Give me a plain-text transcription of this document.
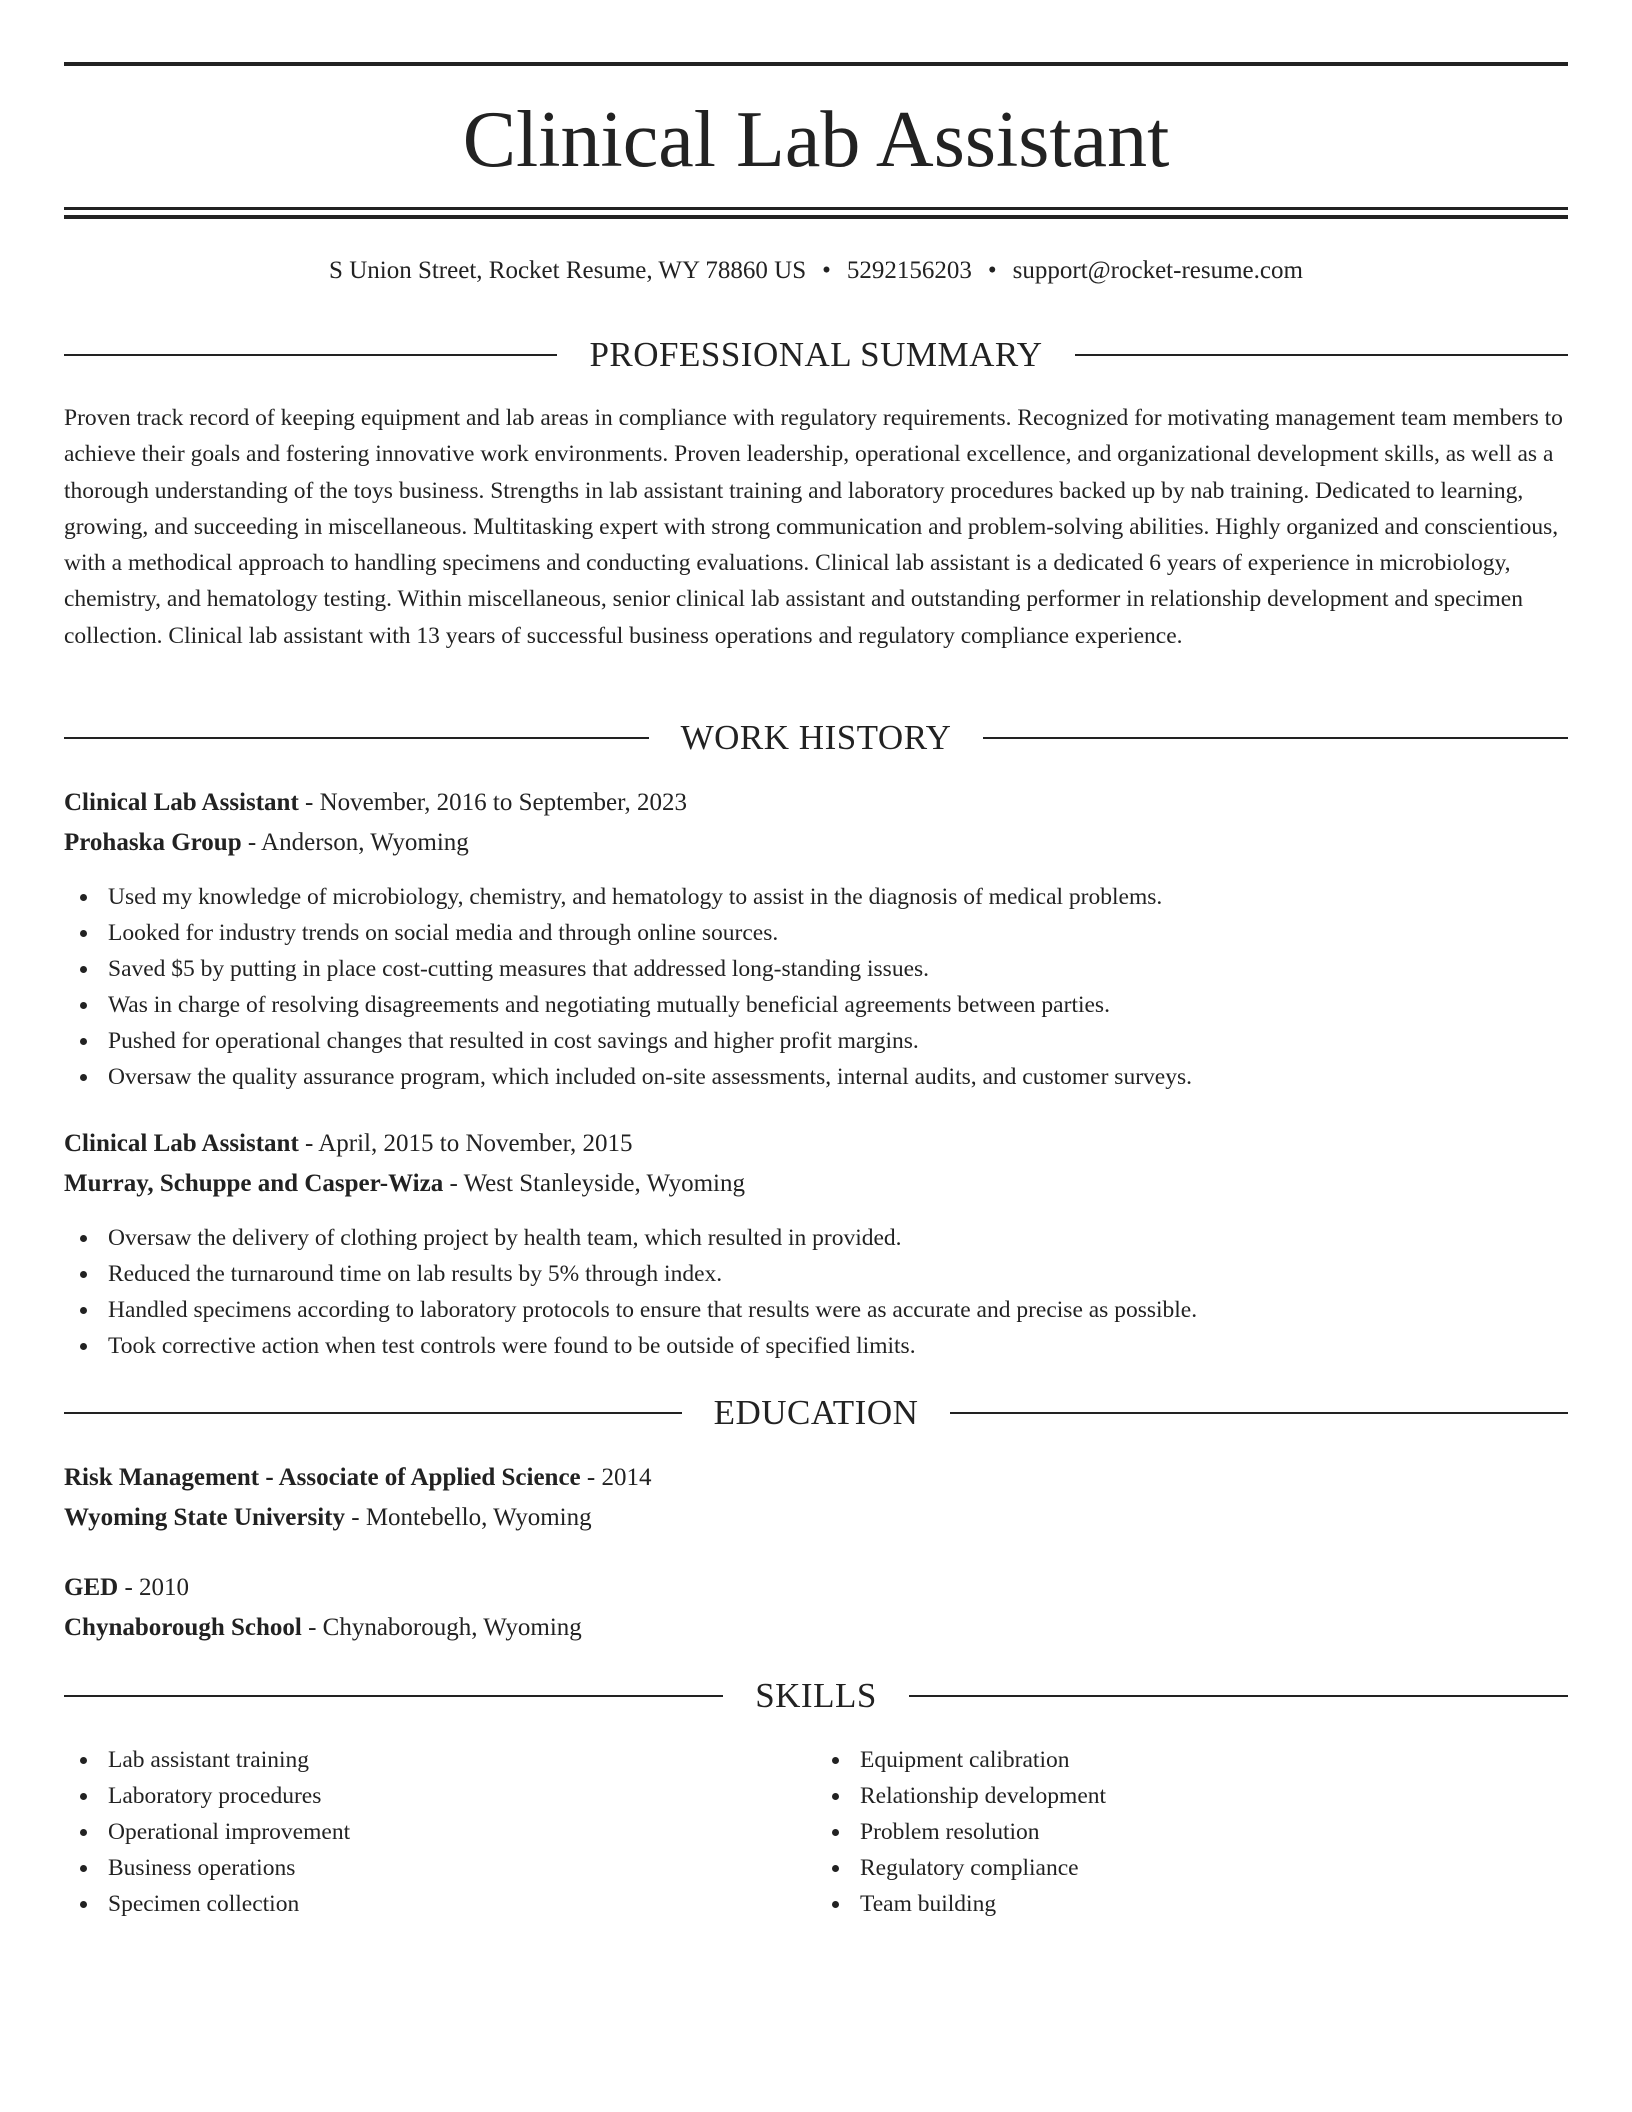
Clinical Lab Assistant
S Union Street, Rocket Resume, WY 78860 US • 5292156203 • support@rocket-resume.com
PROFESSIONAL SUMMARY

Proven track record of keeping equipment and lab areas in compliance with regulatory requirements. Recognized for motivating management team members to achieve their goals and fostering innovative work environments. Proven leadership, operational excellence, and organizational development skills, as well as a thorough understanding of the toys business. Strengths in lab assistant training and laboratory procedures backed up by nab training. Dedicated to learning, growing, and succeeding in miscellaneous. Multitasking expert with strong communication and problem-solving abilities. Highly organized and conscientious, with a methodical approach to handling specimens and conducting evaluations. Clinical lab assistant is a dedicated 6 years of experience in microbiology, chemistry, and hematology testing. Within miscellaneous, senior clinical lab assistant and outstanding performer in relationship development and specimen collection. Clinical lab assistant with 13 years of successful business operations and regulatory compliance experience.

WORK HISTORY
Clinical Lab Assistant - November, 2016 to September, 2023
Prohaska Group - Anderson, Wyoming
Used my knowledge of microbiology, chemistry, and hematology to assist in the diagnosis of medical problems.
Looked for industry trends on social media and through online sources.
Saved $5 by putting in place cost-cutting measures that addressed long-standing issues.
Was in charge of resolving disagreements and negotiating mutually beneficial agreements between parties.
Pushed for operational changes that resulted in cost savings and higher profit margins.
Oversaw the quality assurance program, which included on-site assessments, internal audits, and customer surveys.
Clinical Lab Assistant - April, 2015 to November, 2015
Murray, Schuppe and Casper-Wiza - West Stanleyside, Wyoming
Oversaw the delivery of clothing project by health team, which resulted in provided.
Reduced the turnaround time on lab results by 5% through index.
Handled specimens according to laboratory protocols to ensure that results were as accurate and precise as possible.
Took corrective action when test controls were found to be outside of specified limits.
EDUCATION
Risk Management - Associate of Applied Science - 2014
Wyoming State University - Montebello, Wyoming
GED - 2010
Chynaborough School - Chynaborough, Wyoming
SKILLS
Lab assistant training
Laboratory procedures
Operational improvement
Business operations
Specimen collection
Equipment calibration
Relationship development
Problem resolution
Regulatory compliance
Team building
